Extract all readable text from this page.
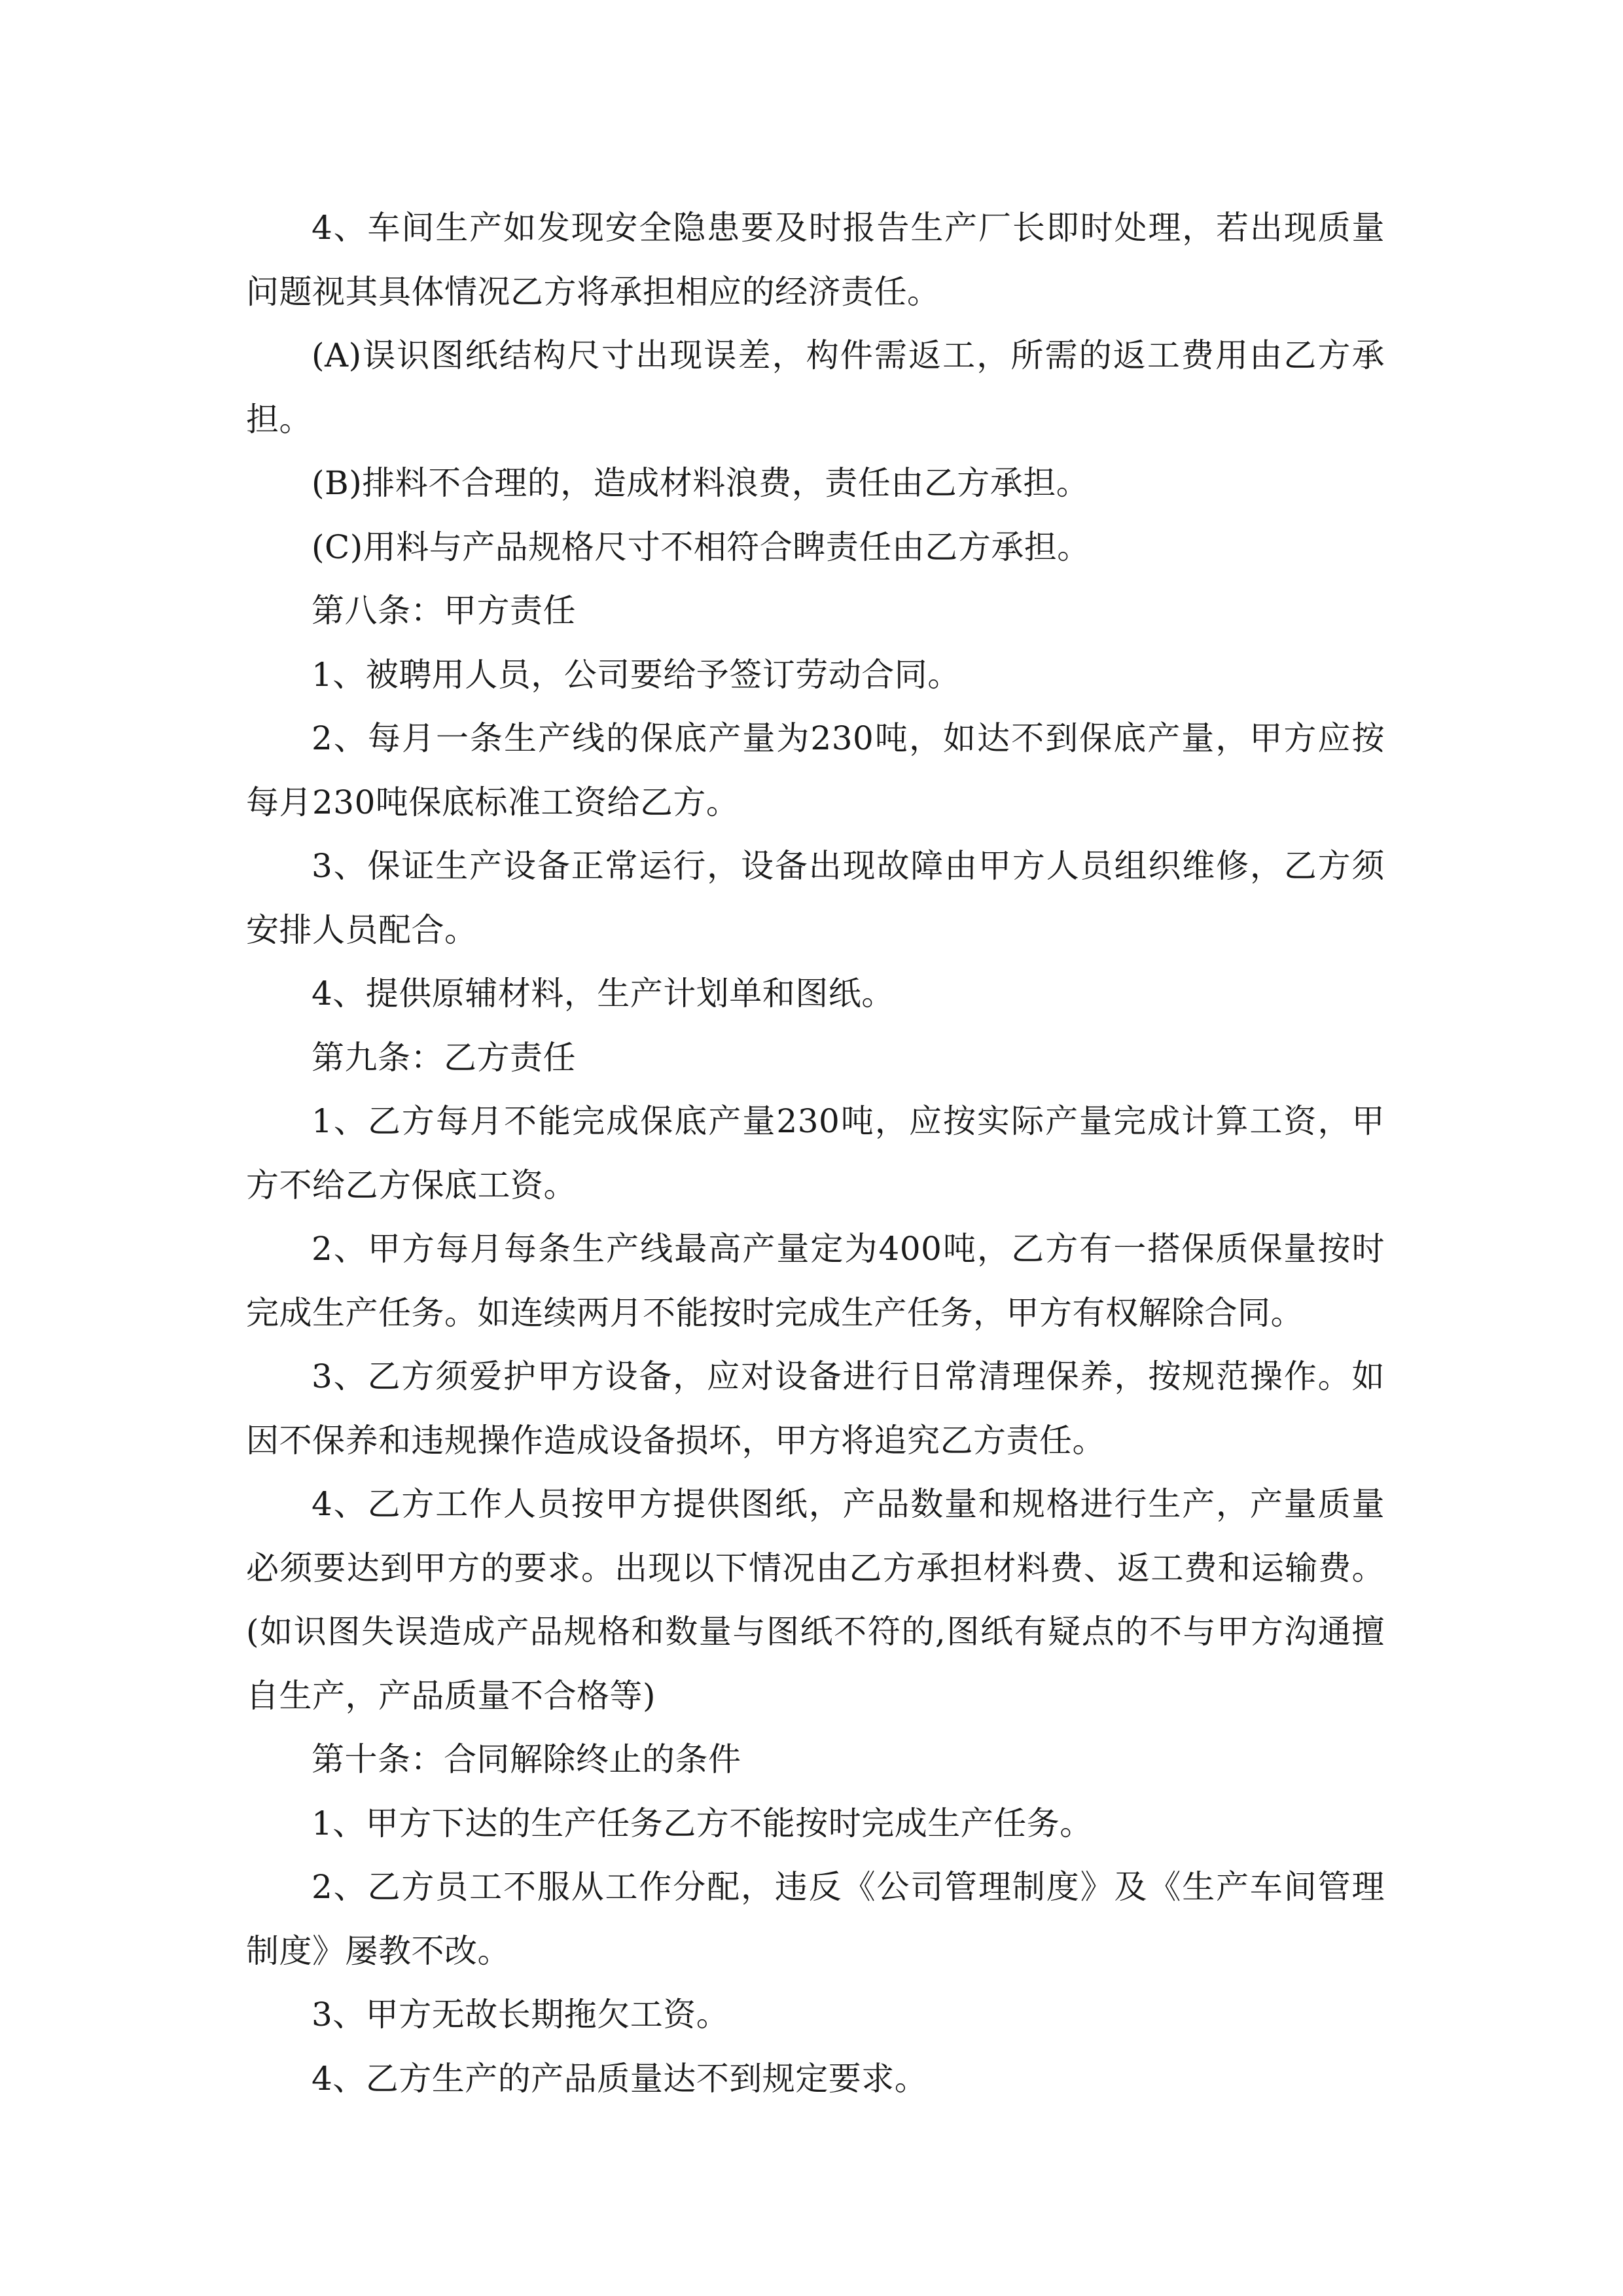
4、车间生产如发现安全隐患要及时报告生产厂长即时处理，若出现质量问题视其具体情况乙方将承担相应的经济责任。

(A)误识图纸结构尺寸出现误差，构件需返工，所需的返工费用由乙方承担。

(B)排料不合理的，造成材料浪费，责任由乙方承担。

(C)用料与产品规格尺寸不相符合睥责任由乙方承担。

第八条：甲方责任

1、被聘用人员，公司要给予签订劳动合同。

2、每月一条生产线的保底产量为230吨，如达不到保底产量，甲方应按每月230吨保底标准工资给乙方。

3、保证生产设备正常运行，设备出现故障由甲方人员组织维修，乙方须安排人员配合。

4、提供原辅材料，生产计划单和图纸。

第九条：乙方责任

1、乙方每月不能完成保底产量230吨，应按实际产量完成计算工资，甲方不给乙方保底工资。

2、甲方每月每条生产线最高产量定为400吨，乙方有一搭保质保量按时完成生产任务。如连续两月不能按时完成生产任务，甲方有权解除合同。

3、乙方须爱护甲方设备，应对设备进行日常清理保养，按规范操作。如因不保养和违规操作造成设备损坏，甲方将追究乙方责任。

4、乙方工作人员按甲方提供图纸，产品数量和规格进行生产，产量质量必须要达到甲方的要求。出现以下情况由乙方承担材料费、返工费和运输费。(如识图失误造成产品规格和数量与图纸不符的,图纸有疑点的不与甲方沟通擅自生产，产品质量不合格等)

第十条：合同解除终止的条件

1、甲方下达的生产任务乙方不能按时完成生产任务。

2、乙方员工不服从工作分配，违反《公司管理制度》及《生产车间管理制度》屡教不改。

3、甲方无故长期拖欠工资。

4、乙方生产的产品质量达不到规定要求。
